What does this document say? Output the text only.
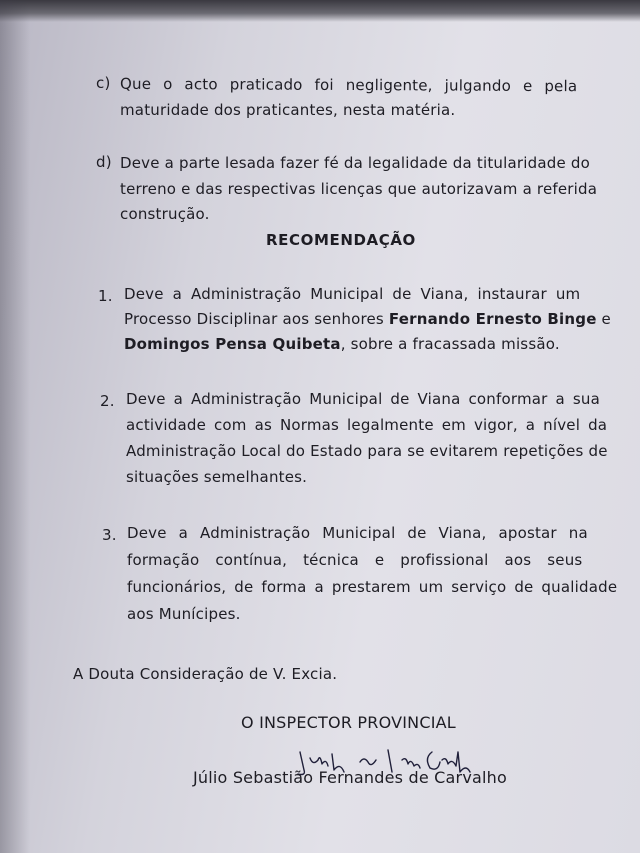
c) Que o acto praticado foi negligente, julgando e pela
maturidade dos praticantes, nesta matéria.
d) Deve a parte lesada fazer fé da legalidade da titularidade do
terreno e das respectivas licenças que autorizavam a referida
construção.
RECOMENDAÇÃO
1. Deve a Administração Municipal de Viana, instaurar um
Processo Disciplinar aos senhores Fernando Ernesto Binge e
Domingos Pensa Quibeta, sobre a fracassada missão.
2. Deve a Administração Municipal de Viana conformar a sua
actividade com as Normas legalmente em vigor, a nível da
Administração Local do Estado para se evitarem repetições de
situações semelhantes.
3. Deve a Administração Municipal de Viana, apostar na
formação contínua, técnica e profissional aos seus
funcionários, de forma a prestarem um serviço de qualidade
aos Munícipes.
A Douta Consideração de V. Excia.
O INSPECTOR PROVINCIAL
Júlio Sebastião Fernandes de Carvalho
